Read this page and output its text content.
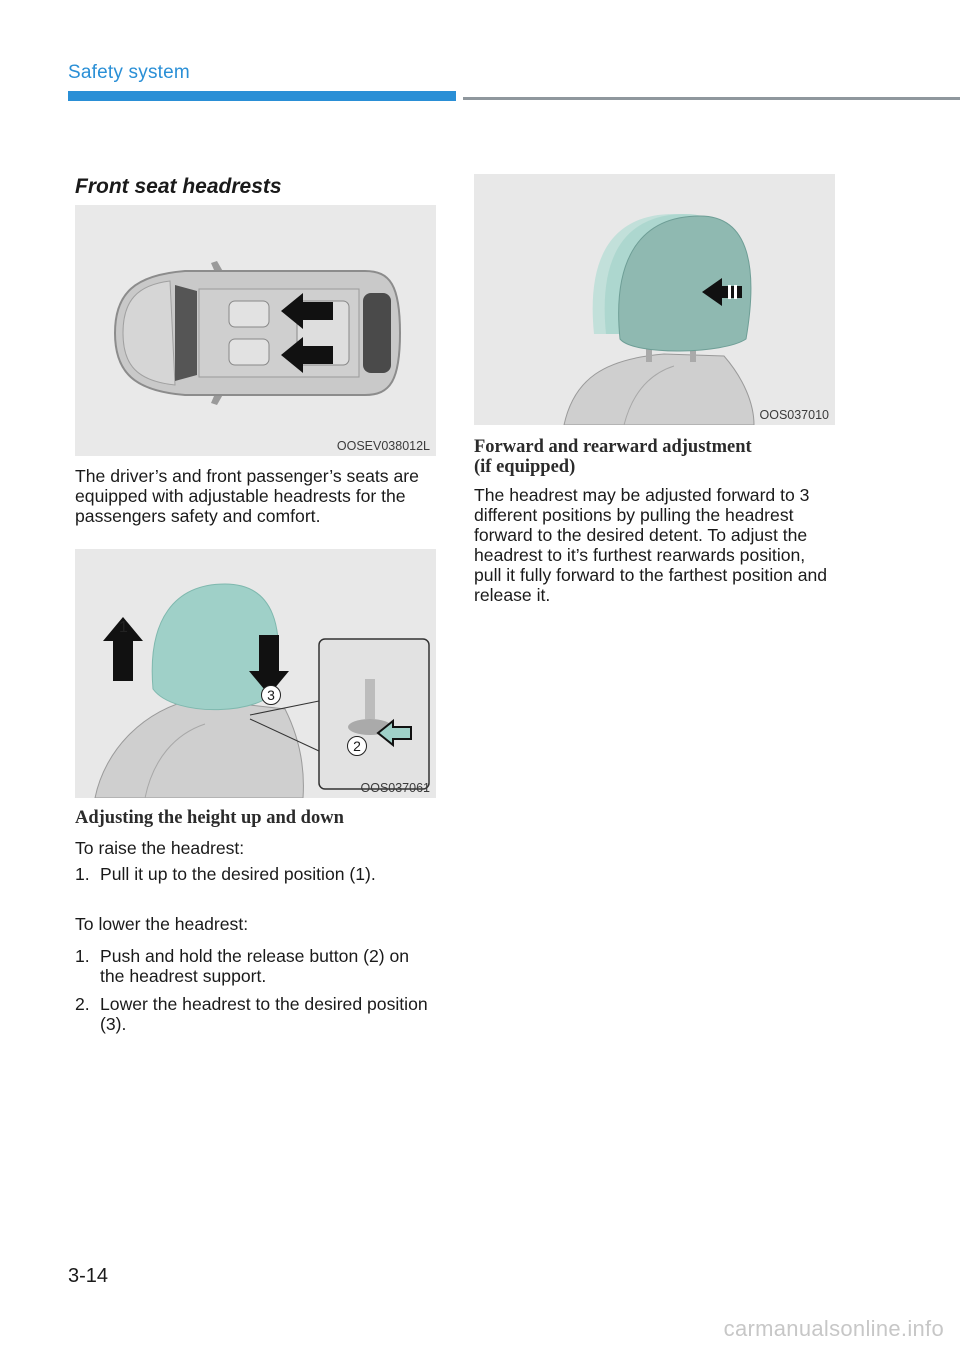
Safety system
Front seat headrests
OOSEV038012L
The driver’s and front passenger’s seats are equipped with adjustable headrests for the passengers safety and comfort.
1
3
2
OOS037061
Adjusting the height up and down
To raise the headrest:
1. Pull it up to the desired position (1).
To lower the headrest:
1. Push and hold the release button (2) on the headrest support.
2. Lower the headrest to the desired position (3).
OOS037010
Forward and rearward adjustment
(if equipped)
The headrest may be adjusted forward to 3 different positions by pulling the headrest forward to the desired detent. To adjust the headrest to it’s furthest rearwards position, pull it fully forward to the farthest position and release it.
3-14
carmanualsonline.info
